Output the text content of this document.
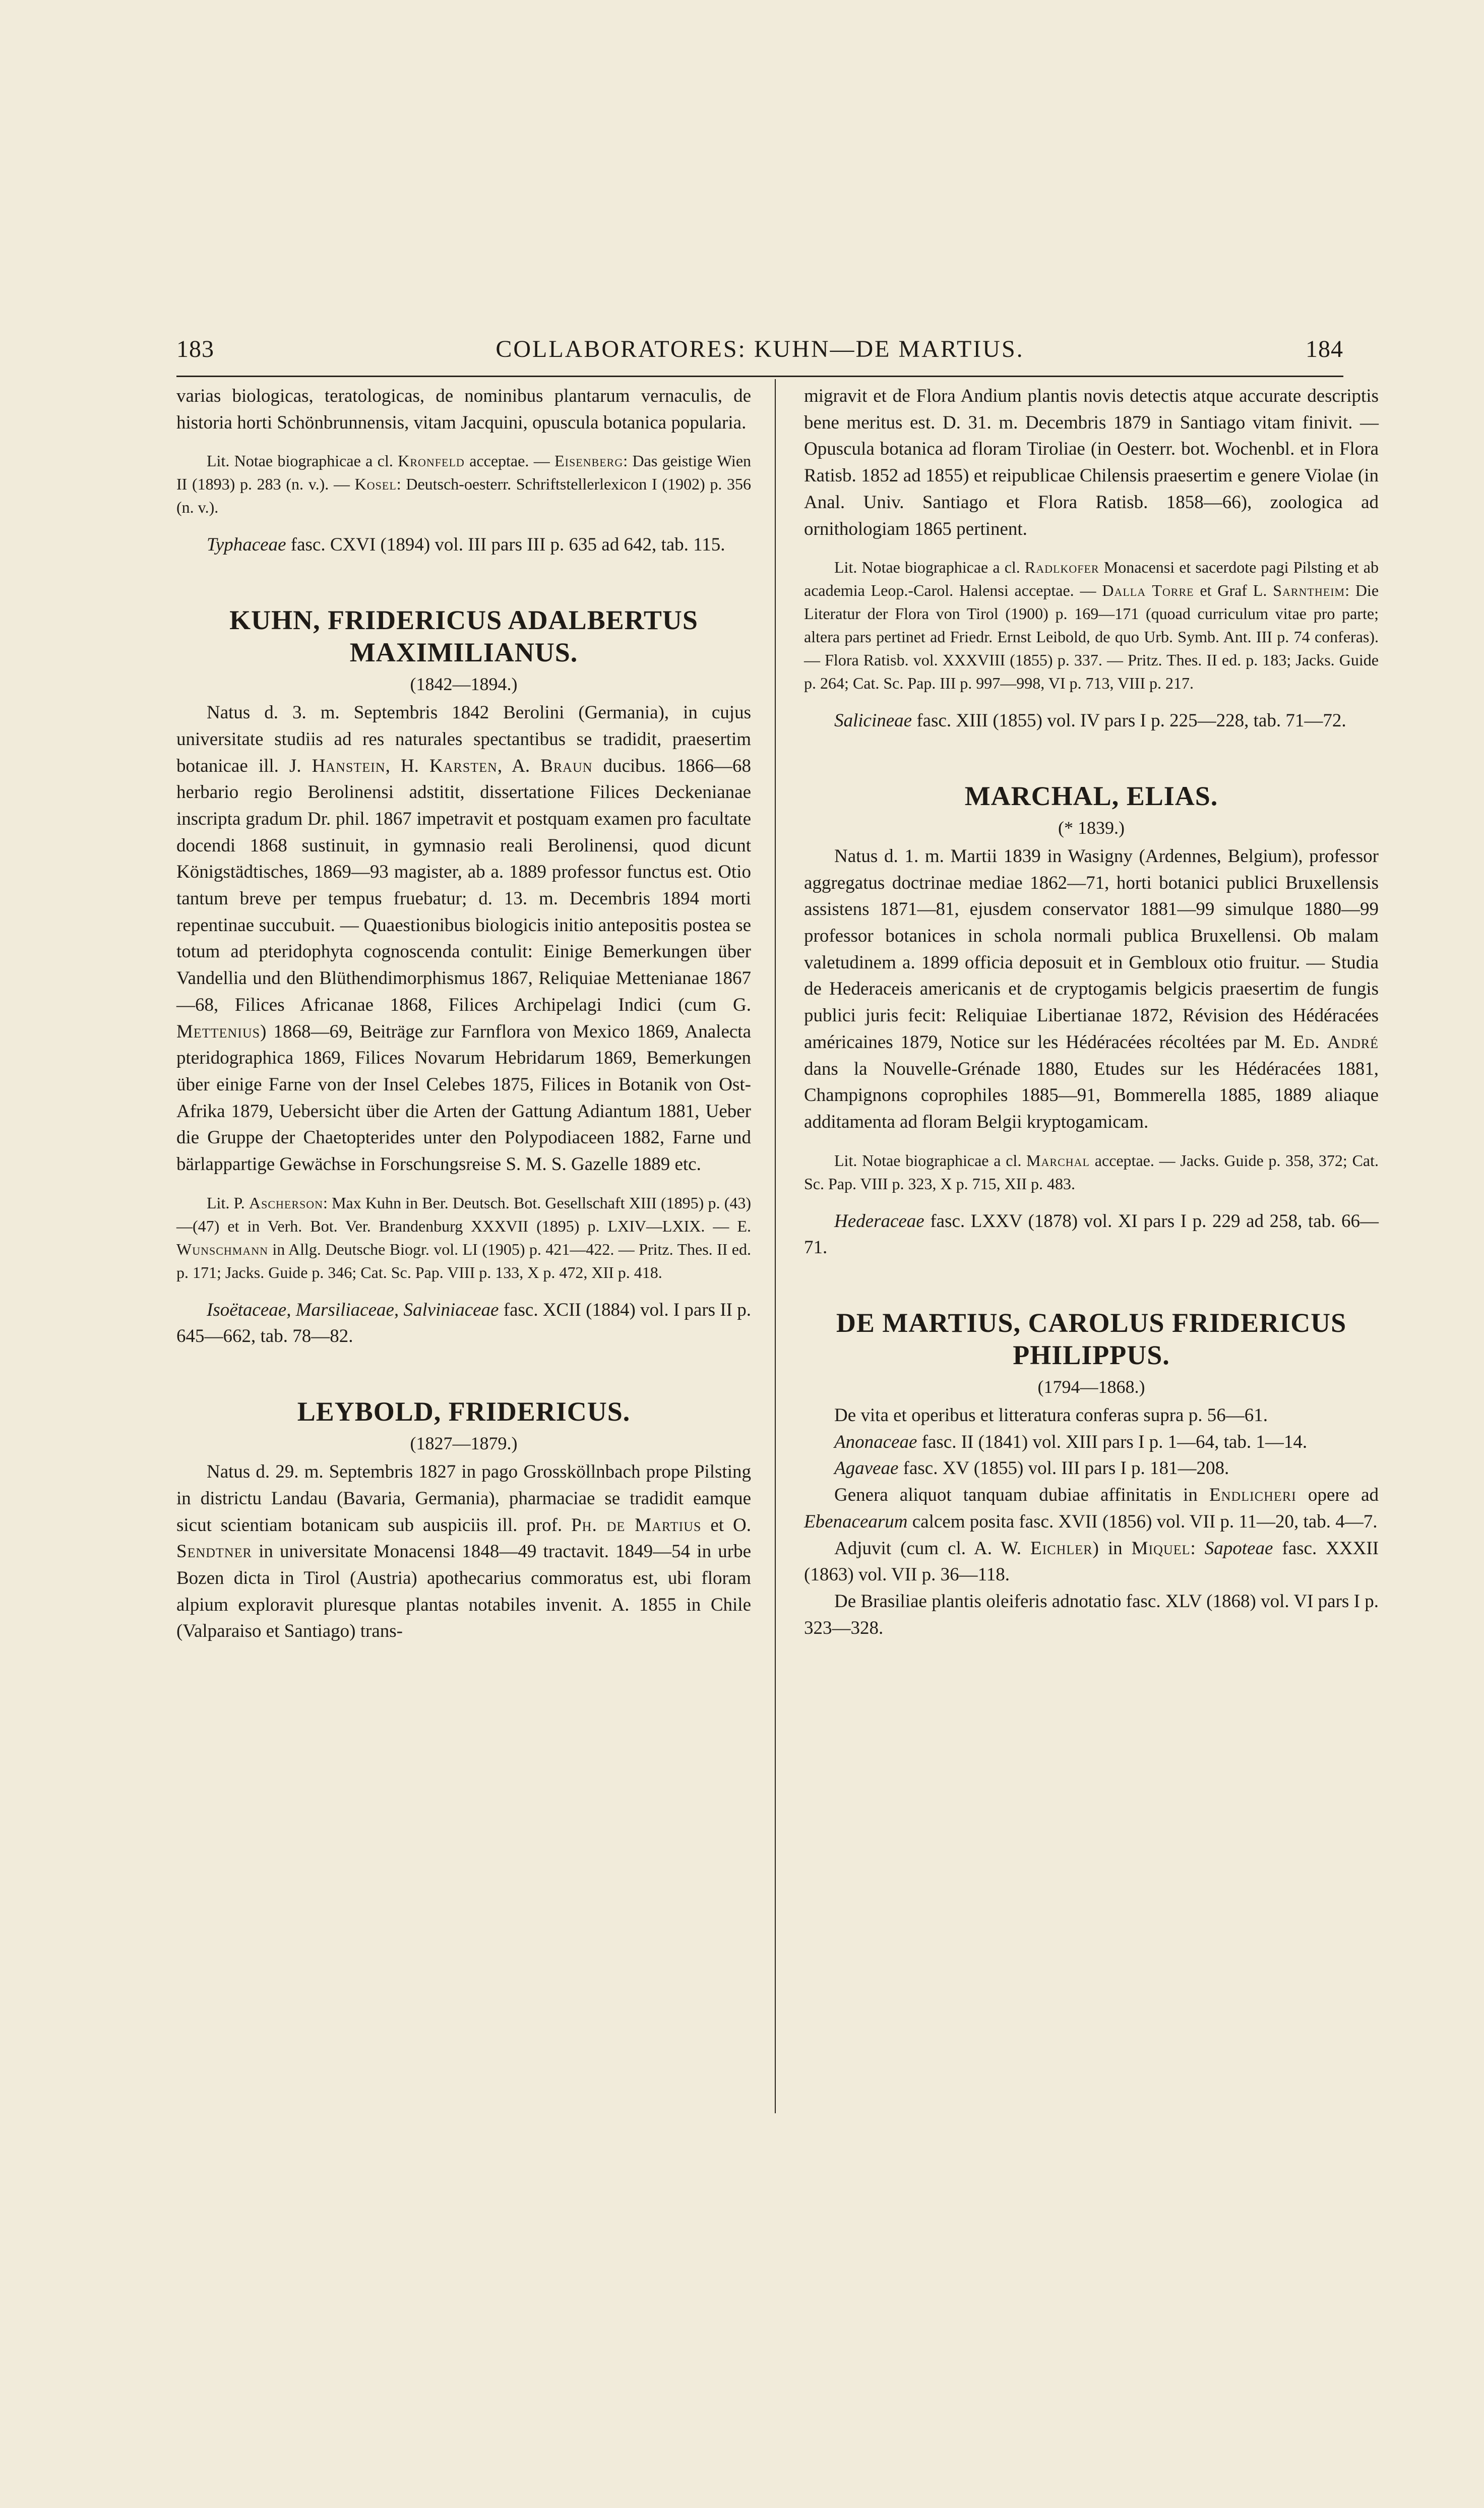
183	COLLABORATORES: KUHN—DE MARTIUS.	184

varias biologicas, teratologicas, de nominibus plantarum vernaculis, de historia horti Schönbrunnensis, vitam Jacquini, opuscula botanica popularia.

Lit. Notae biographicae a cl. Kronfeld acceptae. — Eisenberg: Das geistige Wien II (1893) p. 283 (n. v.). — Kosel: Deutsch-oesterr. Schriftstellerlexicon I (1902) p. 356 (n. v.).

Typhaceae fasc. CXVI (1894) vol. III pars III p. 635 ad 642, tab. 115.

KUHN, FRIDERICUS ADALBERTUS MAXIMILIANUS.
(1842—1894.)

Natus d. 3. m. Septembris 1842 Berolini (Germania), in cujus universitate studiis ad res naturales spectantibus se tradidit, praesertim botanicae ill. J. Hanstein, H. Karsten, A. Braun ducibus. 1866—68 herbario regio Berolinensi adstitit, dissertatione Filices Deckenianae inscripta gradum Dr. phil. 1867 impetravit et postquam examen pro facultate docendi 1868 sustinuit, in gymnasio reali Berolinensi, quod dicunt Königstädtisches, 1869—93 magister, ab a. 1889 professor functus est. Otio tantum breve per tempus fruebatur; d. 13. m. Decembris 1894 morti repentinae succubuit. — Quaestionibus biologicis initio antepositis postea se totum ad pteridophyta cognoscenda contulit: Einige Bemerkungen über Vandellia und den Blüthendimorphismus 1867, Reliquiae Mettenianae 1867—68, Filices Africanae 1868, Filices Archipelagi Indici (cum G. Mettenius) 1868—69, Beiträge zur Farnflora von Mexico 1869, Analecta pteridographica 1869, Filices Novarum Hebridarum 1869, Bemerkungen über einige Farne von der Insel Celebes 1875, Filices in Botanik von Ost-Afrika 1879, Uebersicht über die Arten der Gattung Adiantum 1881, Ueber die Gruppe der Chaetopterides unter den Polypodiaceen 1882, Farne und bärlappartige Gewächse in Forschungsreise S. M. S. Gazelle 1889 etc.

Lit. P. Ascherson: Max Kuhn in Ber. Deutsch. Bot. Gesellschaft XIII (1895) p. (43)—(47) et in Verh. Bot. Ver. Brandenburg XXXVII (1895) p. LXIV—LXIX. — E. Wunschmann in Allg. Deutsche Biogr. vol. LI (1905) p. 421—422. — Pritz. Thes. II ed. p. 171; Jacks. Guide p. 346; Cat. Sc. Pap. VIII p. 133, X p. 472, XII p. 418.

Isoëtaceae, Marsiliaceae, Salviniaceae fasc. XCII (1884) vol. I pars II p. 645—662, tab. 78—82.

LEYBOLD, FRIDERICUS.
(1827—1879.)

Natus d. 29. m. Septembris 1827 in pago Grossköllnbach prope Pilsting in districtu Landau (Bavaria, Germania), pharmaciae se tradidit eamque sicut scientiam botanicam sub auspiciis ill. prof. Ph. de Martius et O. Sendtner in universitate Monacensi 1848—49 tractavit. 1849—54 in urbe Bozen dicta in Tirol (Austria) apothecarius commoratus est, ubi floram alpium exploravit pluresque plantas notabiles invenit. A. 1855 in Chile (Valparaiso et Santiago) trans-

migravit et de Flora Andium plantis novis detectis atque accurate descriptis bene meritus est. D. 31. m. Decembris 1879 in Santiago vitam finivit. — Opuscula botanica ad floram Tiroliae (in Oesterr. bot. Wochenbl. et in Flora Ratisb. 1852 ad 1855) et reipublicae Chilensis praesertim e genere Violae (in Anal. Univ. Santiago et Flora Ratisb. 1858—66), zoologica ad ornithologiam 1865 pertinent.

Lit. Notae biographicae a cl. Radlkofer Monacensi et sacerdote pagi Pilsting et ab academia Leop.-Carol. Halensi acceptae. — Dalla Torre et Graf L. Sarntheim: Die Literatur der Flora von Tirol (1900) p. 169—171 (quoad curriculum vitae pro parte; altera pars pertinet ad Friedr. Ernst Leibold, de quo Urb. Symb. Ant. III p. 74 conferas). — Flora Ratisb. vol. XXXVIII (1855) p. 337. — Pritz. Thes. II ed. p. 183; Jacks. Guide p. 264; Cat. Sc. Pap. III p. 997—998, VI p. 713, VIII p. 217.

Salicineae fasc. XIII (1855) vol. IV pars I p. 225—228, tab. 71—72.

MARCHAL, ELIAS.
(* 1839.)

Natus d. 1. m. Martii 1839 in Wasigny (Ardennes, Belgium), professor aggregatus doctrinae mediae 1862—71, horti botanici publici Bruxellensis assistens 1871—81, ejusdem conservator 1881—99 simulque 1880—99 professor botanices in schola normali publica Bruxellensi. Ob malam valetudinem a. 1899 officia deposuit et in Gembloux otio fruitur. — Studia de Hederaceis americanis et de cryptogamis belgicis praesertim de fungis publici juris fecit: Reliquiae Libertianae 1872, Révision des Hédéracées américaines 1879, Notice sur les Hédéracées récoltées par M. Ed. André dans la Nouvelle-Grénade 1880, Etudes sur les Hédéracées 1881, Champignons coprophiles 1885—91, Bommerella 1885, 1889 aliaque additamenta ad floram Belgii kryptogamicam.

Lit. Notae biographicae a cl. Marchal acceptae. — Jacks. Guide p. 358, 372; Cat. Sc. Pap. VIII p. 323, X p. 715, XII p. 483.

Hederaceae fasc. LXXV (1878) vol. XI pars I p. 229 ad 258, tab. 66—71.

DE MARTIUS, CAROLUS FRIDERICUS PHILIPPUS.
(1794—1868.)

De vita et operibus et litteratura conferas supra p. 56—61.

Anonaceae fasc. II (1841) vol. XIII pars I p. 1—64, tab. 1—14.

Agaveae fasc. XV (1855) vol. III pars I p. 181—208.

Genera aliquot tanquam dubiae affinitatis in Endlicheri opere ad Ebenacearum calcem posita fasc. XVII (1856) vol. VII p. 11—20, tab. 4—7.

Adjuvit (cum cl. A. W. Eichler) in Miquel: Sapoteae fasc. XXXII (1863) vol. VII p. 36—118.

De Brasiliae plantis oleiferis adnotatio fasc. XLV (1868) vol. VI pars I p. 323—328.
